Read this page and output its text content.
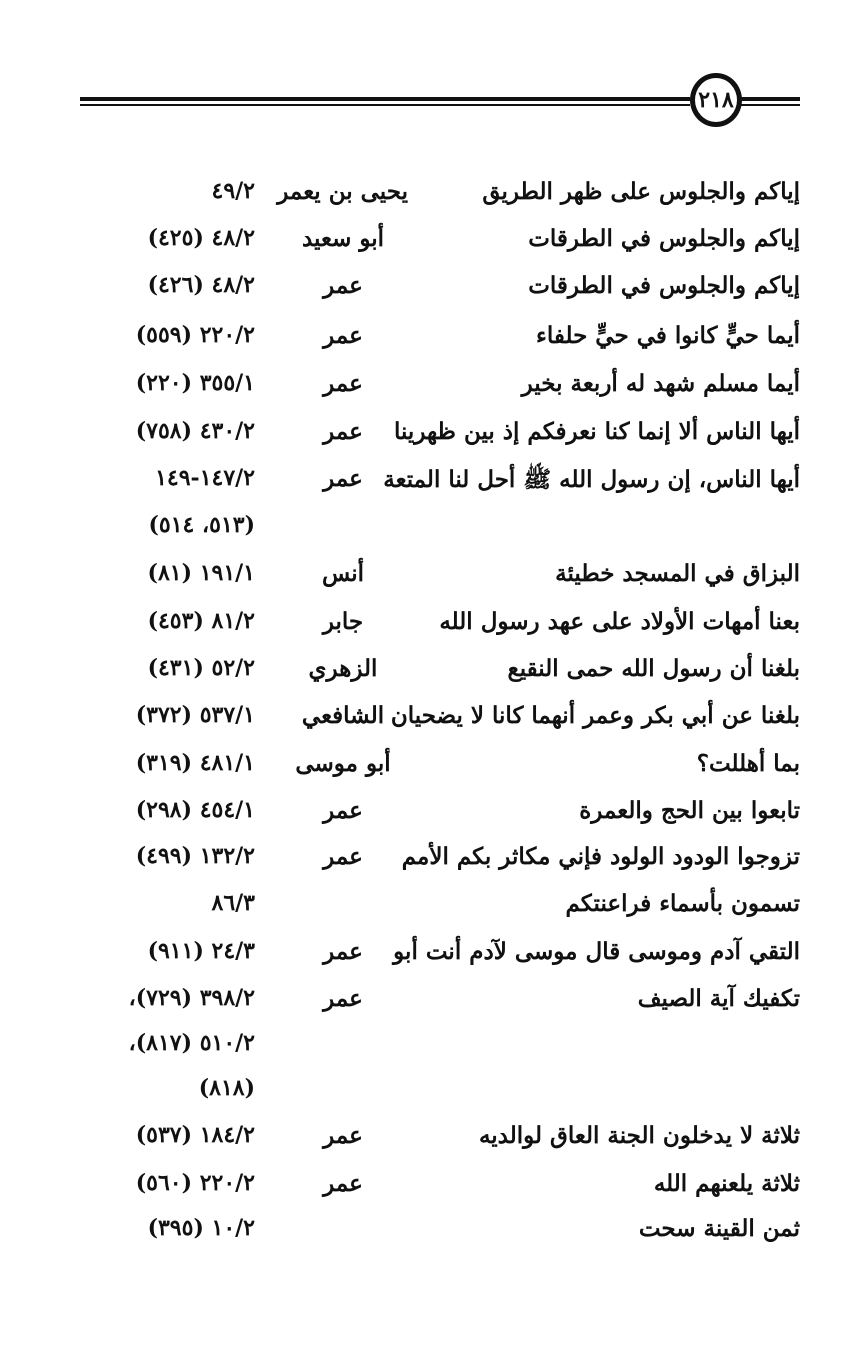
٢١٨
إياكم والجلوس على ظهر الطريق
يحيى بن يعمر
٤٩/٢
إياكم والجلوس في الطرقات
أبو سعيد
٤٨/٢ (٤٢٥)
إياكم والجلوس في الطرقات
عمر
٤٨/٢ (٤٢٦)
أيما حيٍّ كانوا في حيٍّ حلفاء
عمر
٢٢٠/٢ (٥٥٩)
أيما مسلم شهد له أربعة بخير
عمر
٣٥٥/١ (٢٢٠)
أيها الناس ألا إنما كنا نعرفكم إذ بين ظهرينا
عمر
٤٣٠/٢ (٧٥٨)
أيها الناس، إن رسول الله ﷺ أحل لنا المتعة
عمر
١٤٧/٢-١٤٩
(٥١٣، ٥١٤)
البزاق في المسجد خطيئة
أنس
١٩١/١ (٨١)
بعنا أمهات الأولاد على عهد رسول الله
جابر
٨١/٢ (٤٥٣)
بلغنا أن رسول الله حمى النقيع
الزهري
٥٢/٢ (٤٣١)
بلغنا عن أبي بكر وعمر أنهما كانا لا يضحيان
الشافعي
٥٣٧/١ (٣٧٢)
بما أهللت؟
أبو موسى
٤٨١/١ (٣١٩)
تابعوا بين الحج والعمرة
عمر
٤٥٤/١ (٢٩٨)
تزوجوا الودود الولود فإني مكاثر بكم الأمم
عمر
١٣٢/٢ (٤٩٩)
تسمون بأسماء فراعنتكم
٨٦/٣
التقي آدم وموسى قال موسى لآدم أنت أبو
عمر
٢٤/٣ (٩١١)
تكفيك آية الصيف
عمر
٣٩٨/٢ (٧٢٩)،
٥١٠/٢ (٨١٧)،
(٨١٨)
ثلاثة لا يدخلون الجنة العاق لوالديه
عمر
١٨٤/٢ (٥٣٧)
ثلاثة يلعنهم الله
عمر
٢٢٠/٢ (٥٦٠)
ثمن القينة سحت
١٠/٢ (٣٩٥)
